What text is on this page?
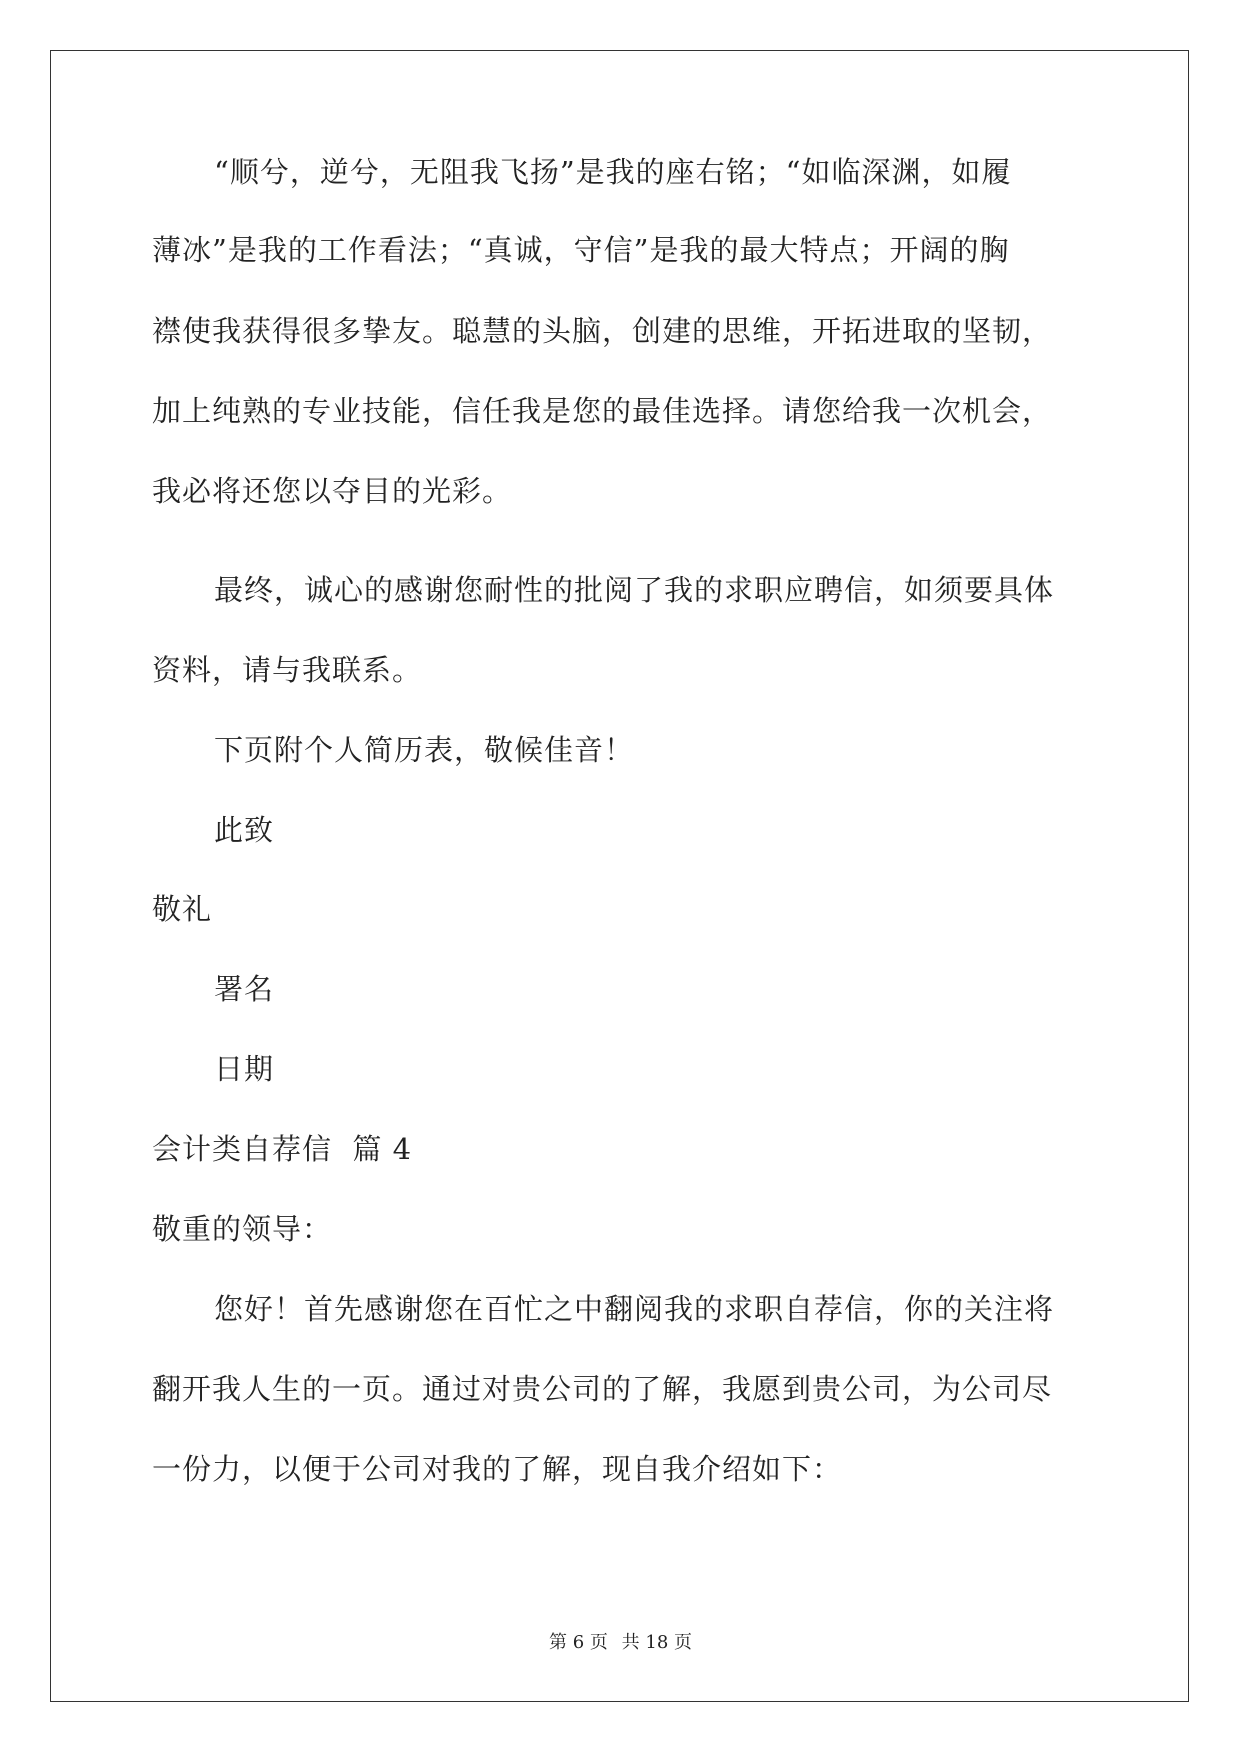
“顺兮，逆兮，无阻我飞扬”是我的座右铭；“如临深渊，如履
薄冰”是我的工作看法；“真诚，守信”是我的最大特点；开阔的胸
襟使我获得很多挚友。聪慧的头脑，创建的思维，开拓进取的坚韧，
加上纯熟的专业技能，信任我是您的最佳选择。请您给我一次机会，
我必将还您以夺目的光彩。
最终，诚心的感谢您耐性的批阅了我的求职应聘信，如须要具体
资料，请与我联系。
下页附个人简历表，敬候佳音！
此致
敬礼
署名
日期
会计类自荐信  篇 4
敬重的领导：
您好！首先感谢您在百忙之中翻阅我的求职自荐信，你的关注将
翻开我人生的一页。通过对贵公司的了解，我愿到贵公司，为公司尽
一份力，以便于公司对我的了解，现自我介绍如下：
第 6 页 共 18 页
